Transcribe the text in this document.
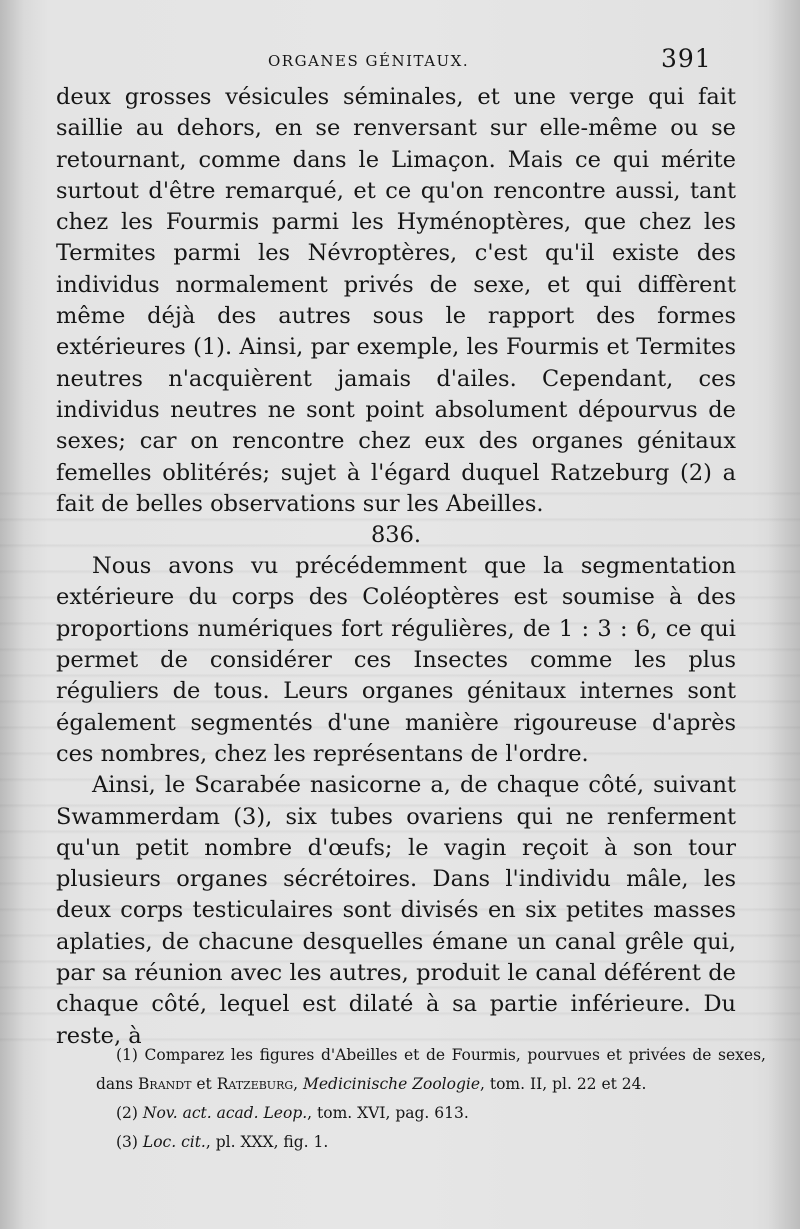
ORGANES GÉNITAUX.	391

deux grosses vésicules séminales, et une verge qui fait saillie au dehors, en se renversant sur elle-même ou se retournant, comme dans le Limaçon. Mais ce qui mérite surtout d'être remarqué, et ce qu'on rencontre aussi, tant chez les Fourmis parmi les Hyménoptères, que chez les Termites parmi les Névroptères, c'est qu'il existe des individus normalement privés de sexe, et qui diffèrent même déjà des autres sous le rapport des formes extérieures (1). Ainsi, par exemple, les Fourmis et Termites neutres n'acquièrent jamais d'ailes. Cependant, ces individus neutres ne sont point absolument dépourvus de sexes; car on rencontre chez eux des organes génitaux femelles oblitérés; sujet à l'égard duquel Ratzeburg (2) a fait de belles observations sur les Abeilles.

836.

Nous avons vu précédemment que la segmentation extérieure du corps des Coléoptères est soumise à des proportions numériques fort régulières, de 1 : 3 : 6, ce qui permet de considérer ces Insectes comme les plus réguliers de tous. Leurs organes génitaux internes sont également segmentés d'une manière rigoureuse d'après ces nombres, chez les représentans de l'ordre.

Ainsi, le Scarabée nasicorne a, de chaque côté, suivant Swammerdam (3), six tubes ovariens qui ne renferment qu'un petit nombre d'œufs; le vagin reçoit à son tour plusieurs organes sécrétoires. Dans l'individu mâle, les deux corps testiculaires sont divisés en six petites masses aplaties, de chacune desquelles émane un canal grêle qui, par sa réunion avec les autres, produit le canal déférent de chaque côté, lequel est dilaté à sa partie inférieure. Du reste, à

(1) Comparez les figures d'Abeilles et de Fourmis, pourvues et privées de sexes, dans Brandt et Ratzeburg, Medicinische Zoologie, tom. II, pl. 22 et 24.

(2) Nov. act. acad. Leop., tom. XVI, pag. 613.

(3) Loc. cit., pl. XXX, fig. 1.
